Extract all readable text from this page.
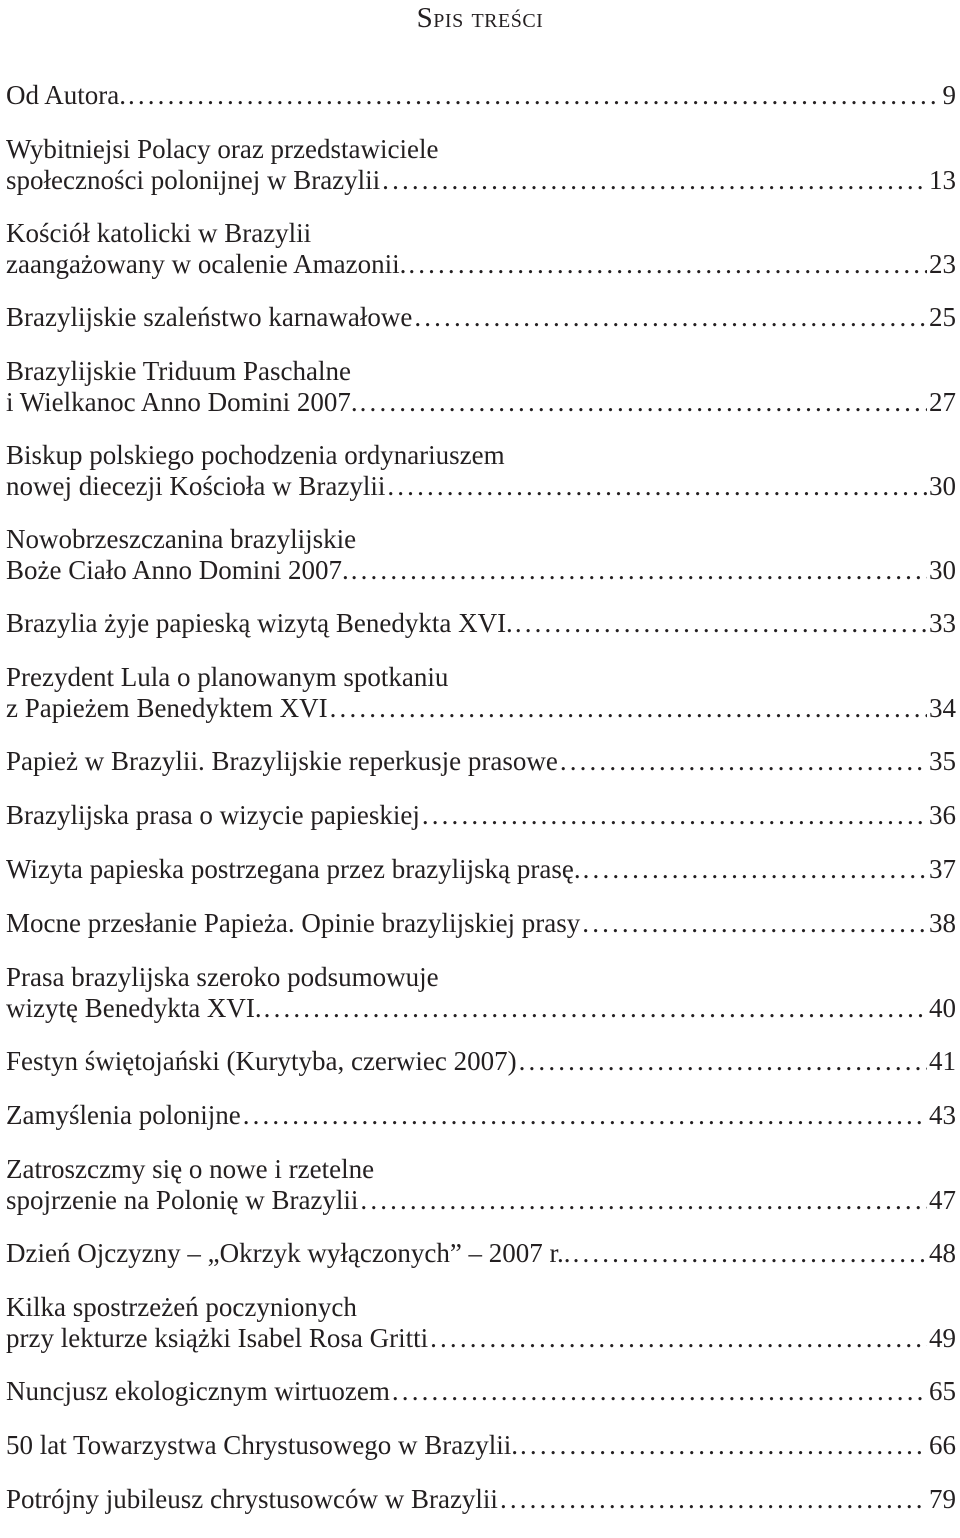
Spis treści
Od Autora. . . .	9
Wybitniejsi Polacy oraz przedstawiciele
społeczności polonijnej w Brazylii . . .	13
Kościół katolicki w Brazylii
zaangażowany w ocalenie Amazonii. . . .	23
Brazylijskie szaleństwo karnawałowe . . .	25
Brazylijskie Triduum Paschalne
i Wielkanoc Anno Domini 2007. . . .	27
Biskup polskiego pochodzenia ordynariuszem
nowej diecezji Kościoła w Brazylii . . .	30
Nowobrzeszczanina brazylijskie
Boże Ciało Anno Domini 2007. . . .	30
Brazylia żyje papieską wizytą Benedykta XVI. . . .	33
Prezydent Lula o planowanym spotkaniu
z Papieżem Benedyktem XVI . . .	34
Papież w Brazylii. Brazylijskie reperkusje prasowe . . .	35
Brazylijska prasa o wizycie papieskiej . . .	36
Wizyta papieska postrzegana przez brazylijską prasę. . . .	37
Mocne przesłanie Papieża. Opinie brazylijskiej prasy . . .	38
Prasa brazylijska szeroko podsumowuje
wizytę Benedykta XVI. . . .	40
Festyn świętojański (Kurytyba, czerwiec 2007) . . .	41
Zamyślenia polonijne . . .	43
Zatroszczmy się o nowe i rzetelne
spojrzenie na Polonię w Brazylii . . .	47
Dzień Ojczyzny – „Okrzyk wyłączonych” – 2007 r.. . . .	48
Kilka spostrzeżeń poczynionych
przy lekturze książki Isabel Rosa Gritti . . .	49
Nuncjusz ekologicznym wirtuozem . . .	65
50 lat Towarzystwa Chrystusowego w Brazylii. . . .	66
Potrójny jubileusz chrystusowców w Brazylii . . .	79
